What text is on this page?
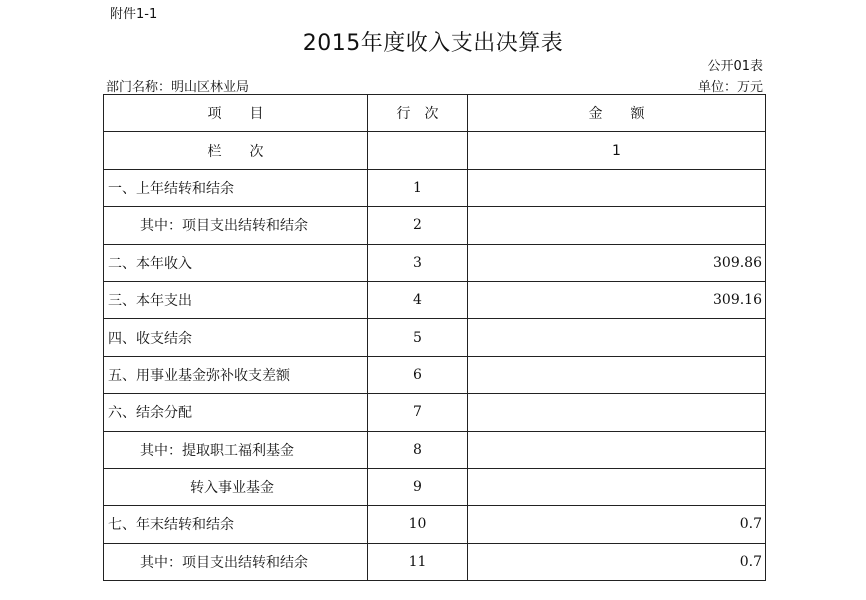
附件1-1
2015年度收入支出决算表
公开01表
部门名称：明山区林业局	单位：万元
项　　目	行　次	金　　额
栏　　次		1
一、上年结转和结余	1	
其中：项目支出结转和结余	2	
二、本年收入	3	309.86
三、本年支出	4	309.16
四、收支结余	5	
五、用事业基金弥补收支差额	6	
六、结余分配	7	
其中：提取职工福利基金	8	
转入事业基金	9	
七、年末结转和结余	10	0.7
其中：项目支出结转和结余	11	0.7
